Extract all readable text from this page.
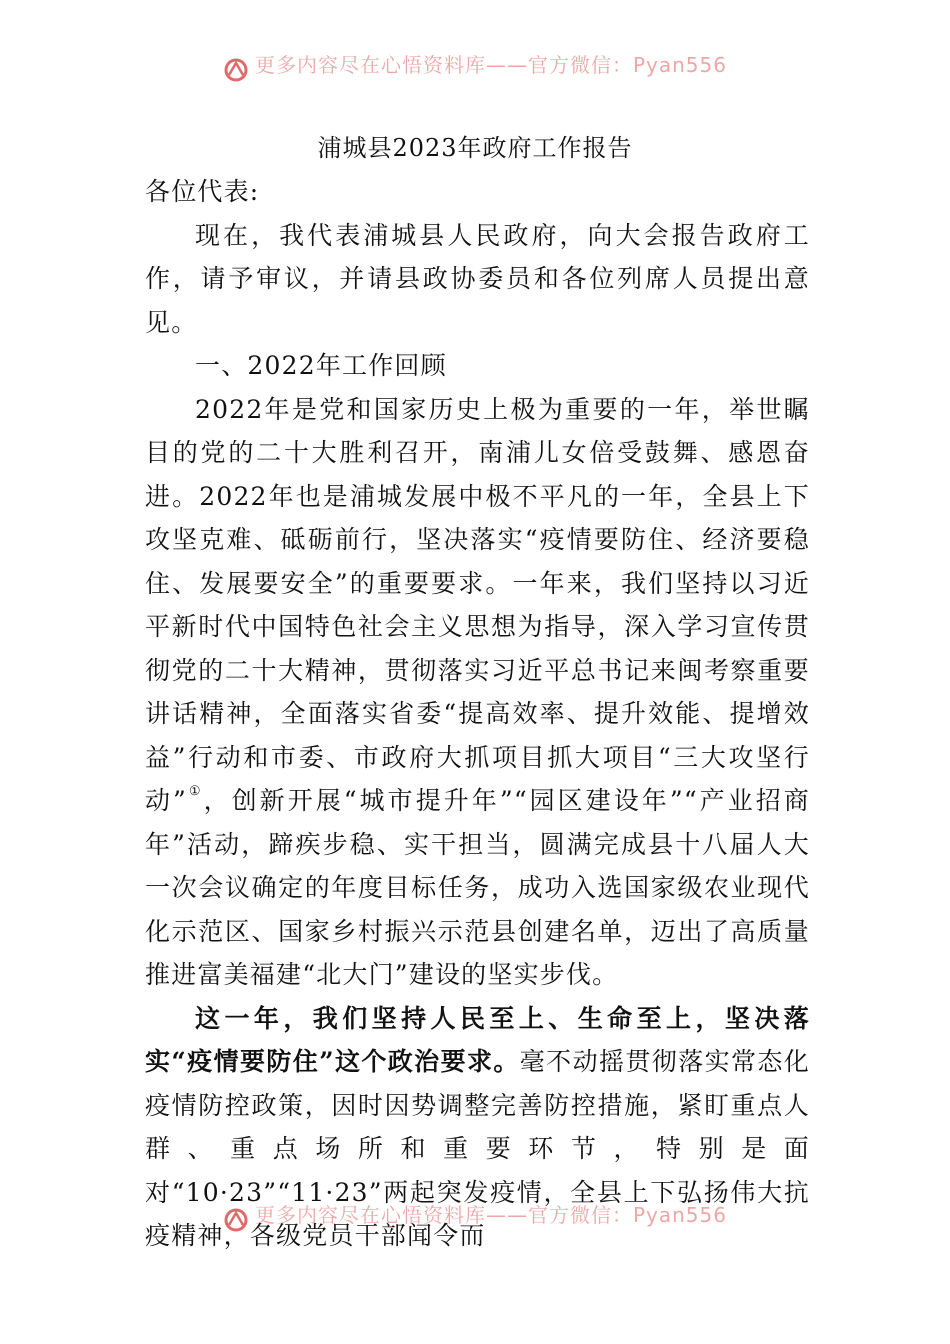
更多内容尽在心悟资料库——官方微信：Pyan556
浦城县2023年政府工作报告

各位代表:

现在，我代表浦城县人民政府，向大会报告政府工作，请予审议，并请县政协委员和各位列席人员提出意见。

一、2022年工作回顾

2022年是党和国家历史上极为重要的一年，举世瞩目的党的二十大胜利召开，南浦儿女倍受鼓舞、感恩奋进。2022年也是浦城发展中极不平凡的一年，全县上下攻坚克难、砥砺前行，坚决落实“疫情要防住、经济要稳住、发展要安全”的重要要求。一年来，我们坚持以习近平新时代中国特色社会主义思想为指导，深入学习宣传贯彻党的二十大精神，贯彻落实习近平总书记来闽考察重要讲话精神，全面落实省委“提高效率、提升效能、提增效益”行动和市委、市政府大抓项目抓大项目“三大攻坚行动”①，创新开展“城市提升年”“园区建设年”“产业招商年”活动，蹄疾步稳、实干担当，圆满完成县十八届人大一次会议确定的年度目标任务，成功入选国家级农业现代化示范区、国家乡村振兴示范县创建名单，迈出了高质量推进富美福建“北大门”建设的坚实步伐。

这一年，我们坚持人民至上、生命至上，坚决落实“疫情要防住”这个政治要求。毫不动摇贯彻落实常态化疫情防控政策，因时因势调整完善防控措施，紧盯重点人群、重点场所和重要环节，特别是面对“10·23”“11·23”两起突发疫情，全县上下弘扬伟大抗疫精神，各级党员干部闻令而

更多内容尽在心悟资料库——官方微信：Pyan556
